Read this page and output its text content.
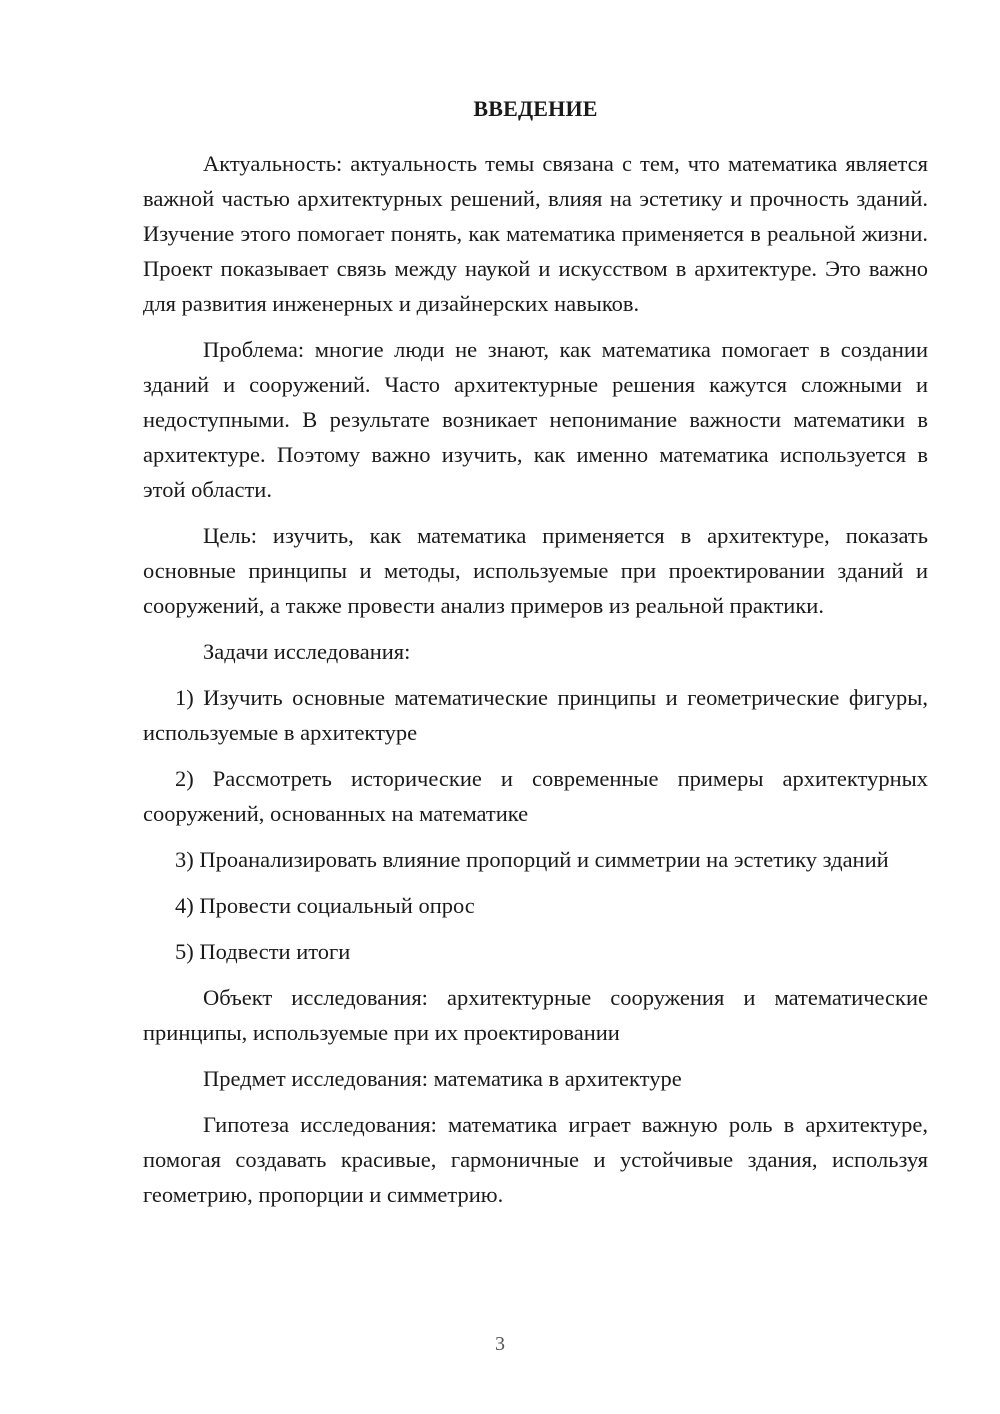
ВВЕДЕНИЕ

Актуальность: актуальность темы связана с тем, что математика является важной частью архитектурных решений, влияя на эстетику и прочность зданий. Изучение этого помогает понять, как математика применяется в реальной жизни. Проект показывает связь между наукой и искусством в архитектуре. Это важно для развития инженерных и дизайнерских навыков.

Проблема: многие люди не знают, как математика помогает в создании зданий и сооружений. Часто архитектурные решения кажутся сложными и недоступными. В результате возникает непонимание важности математики в архитектуре. Поэтому важно изучить, как именно математика используется в этой области.

Цель: изучить, как математика применяется в архитектуре, показать основные принципы и методы, используемые при проектировании зданий и сооружений, а также провести анализ примеров из реальной практики.

Задачи исследования:

1) Изучить основные математические принципы и геометрические фигуры, используемые в архитектуре

2) Рассмотреть исторические и современные примеры архитектурных сооружений, основанных на математике

3) Проанализировать влияние пропорций и симметрии на эстетику зданий

4) Провести социальный опрос

5) Подвести итоги

Объект исследования: архитектурные сооружения и математические принципы, используемые при их проектировании

Предмет исследования: математика в архитектуре

Гипотеза исследования: математика играет важную роль в архитектуре, помогая создавать красивые, гармоничные и устойчивые здания, используя геометрию, пропорции и симметрию.

3
